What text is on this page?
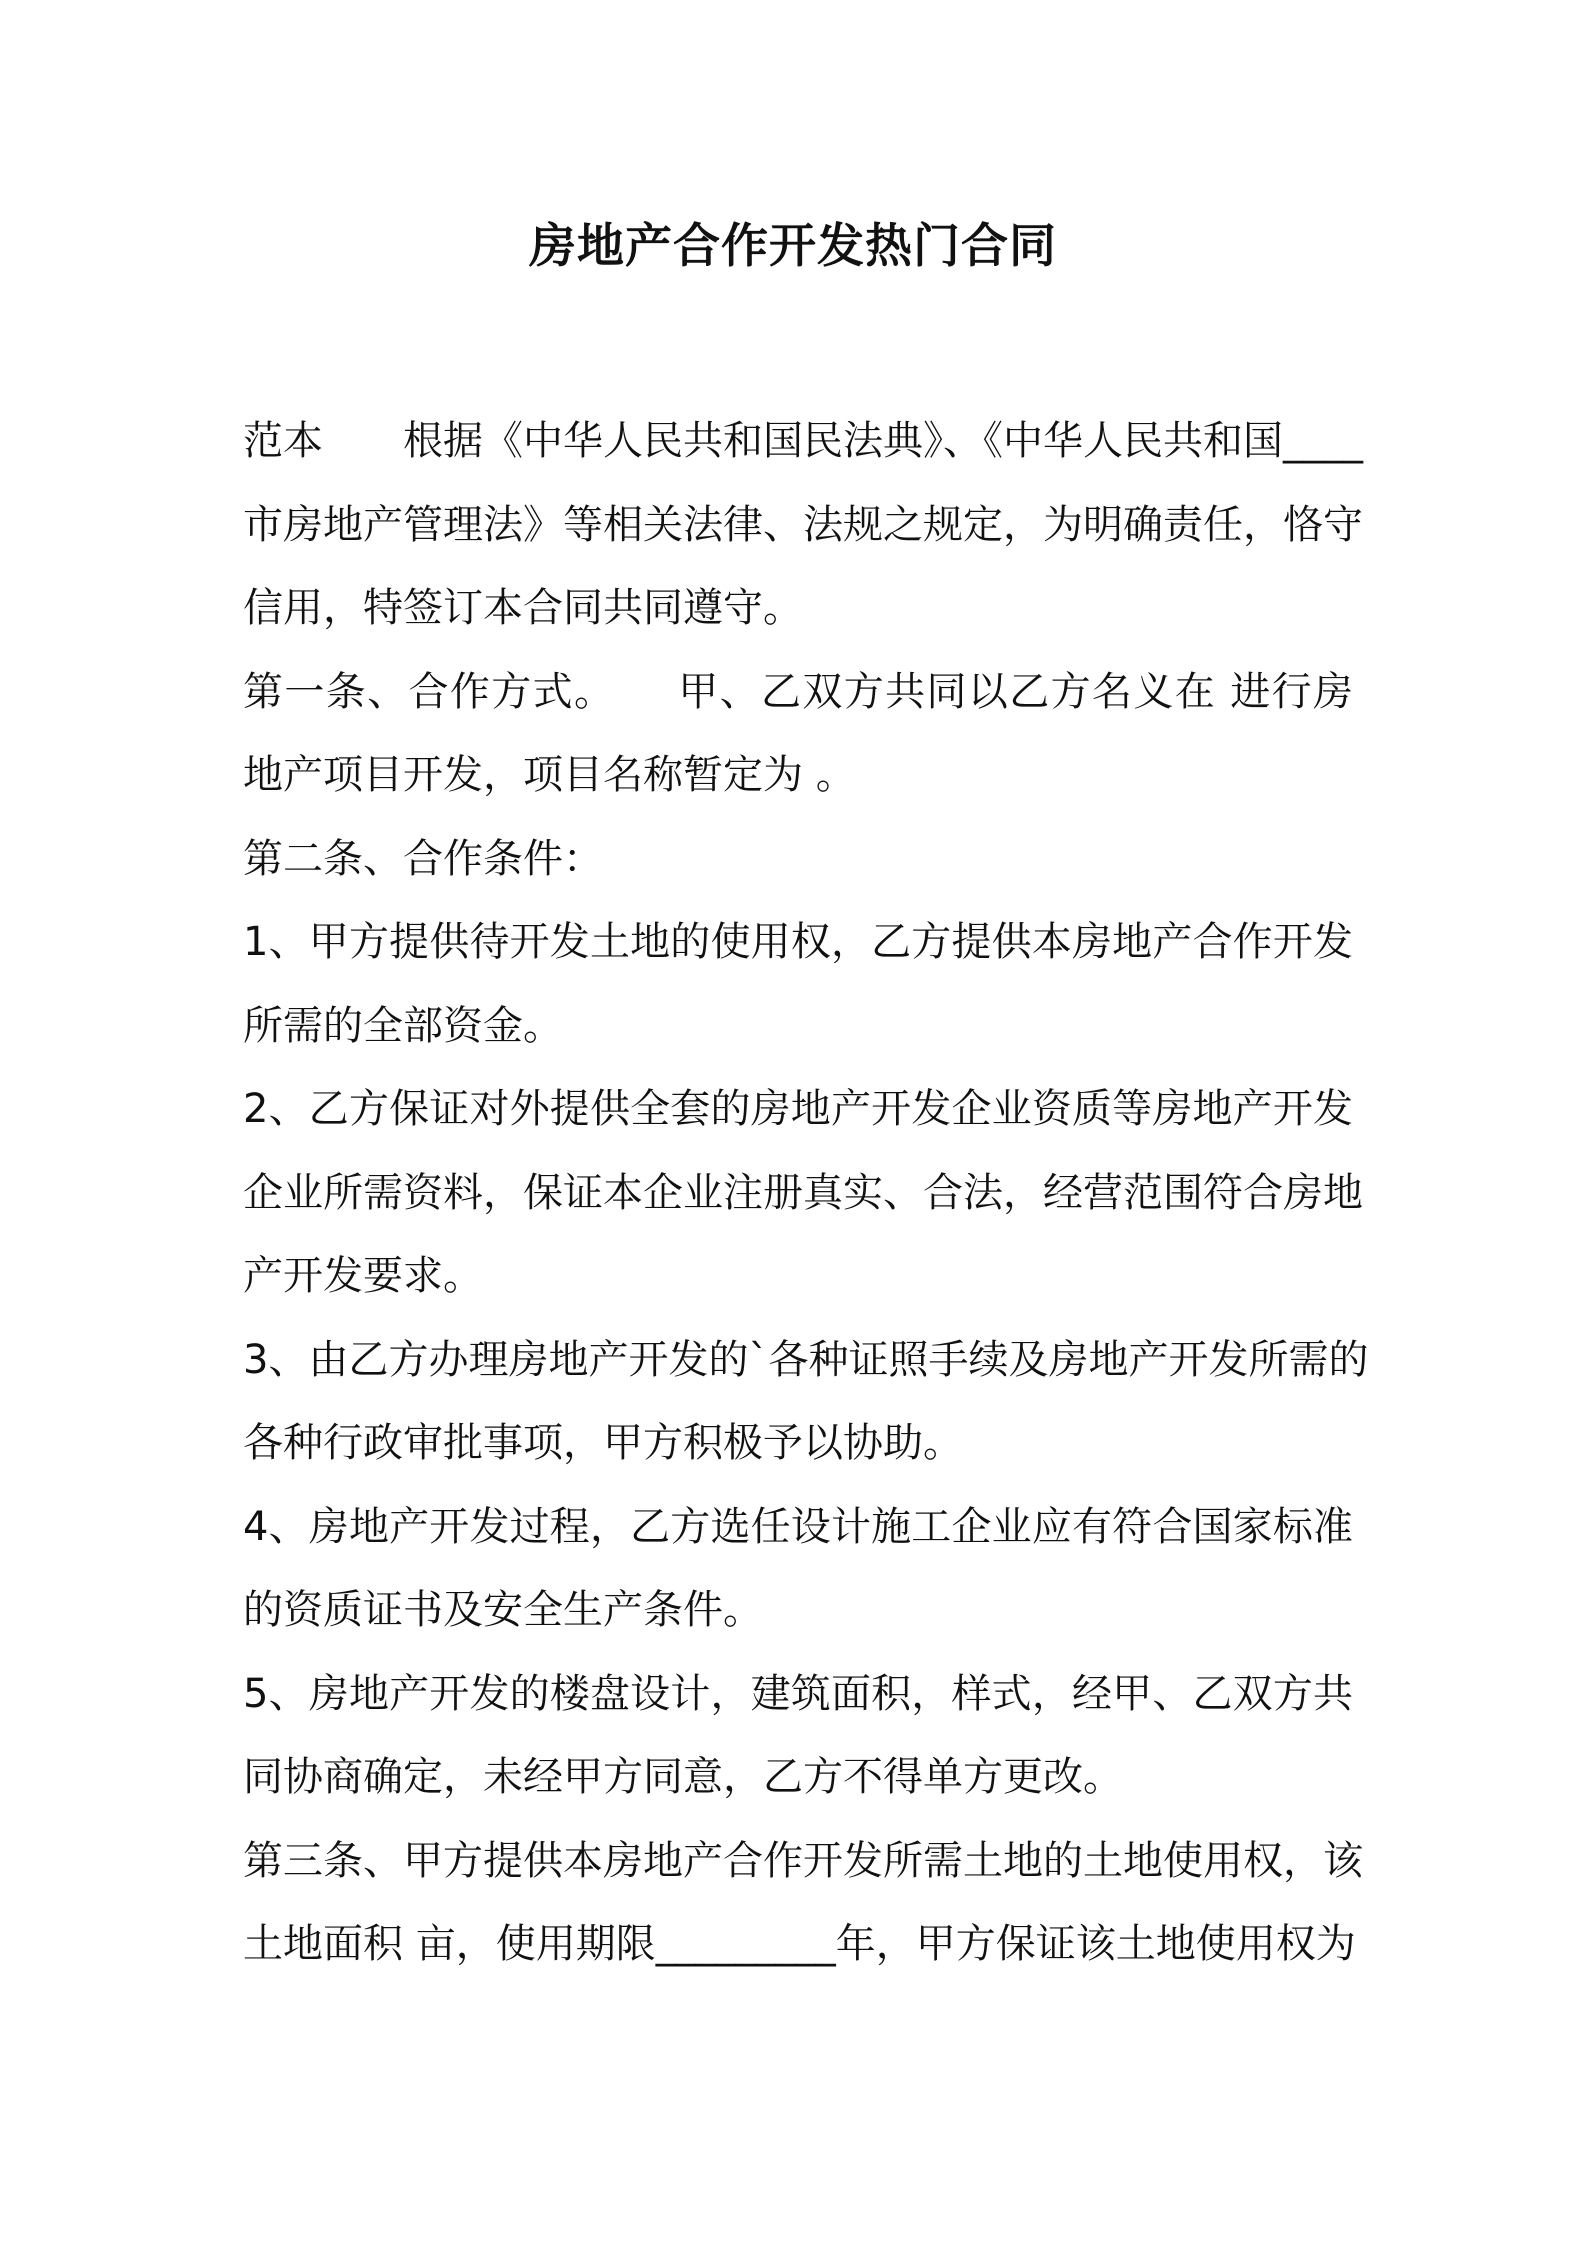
房地产合作开发热门合同
范本　　根据《中华人民共和国民法典》、《中华人民共和国____
市房地产管理法》等相关法律、法规之规定，为明确责任，恪守
信用，特签订本合同共同遵守。
第一条、合作方式。　　甲、乙双方共同以乙方名义在 进行房
地产项目开发，项目名称暂定为 。
第二条、合作条件：
1、甲方提供待开发土地的使用权，乙方提供本房地产合作开发
所需的全部资金。
2、乙方保证对外提供全套的房地产开发企业资质等房地产开发
企业所需资料，保证本企业注册真实、合法，经营范围符合房地
产开发要求。
3、由乙方办理房地产开发的`各种证照手续及房地产开发所需的
各种行政审批事项，甲方积极予以协助。
4、房地产开发过程，乙方选任设计施工企业应有符合国家标准
的资质证书及安全生产条件。
5、房地产开发的楼盘设计，建筑面积，样式，经甲、乙双方共
同协商确定，未经甲方同意，乙方不得单方更改。
第三条、甲方提供本房地产合作开发所需土地的土地使用权，该
土地面积 亩，使用期限_________年，甲方保证该土地使用权为
